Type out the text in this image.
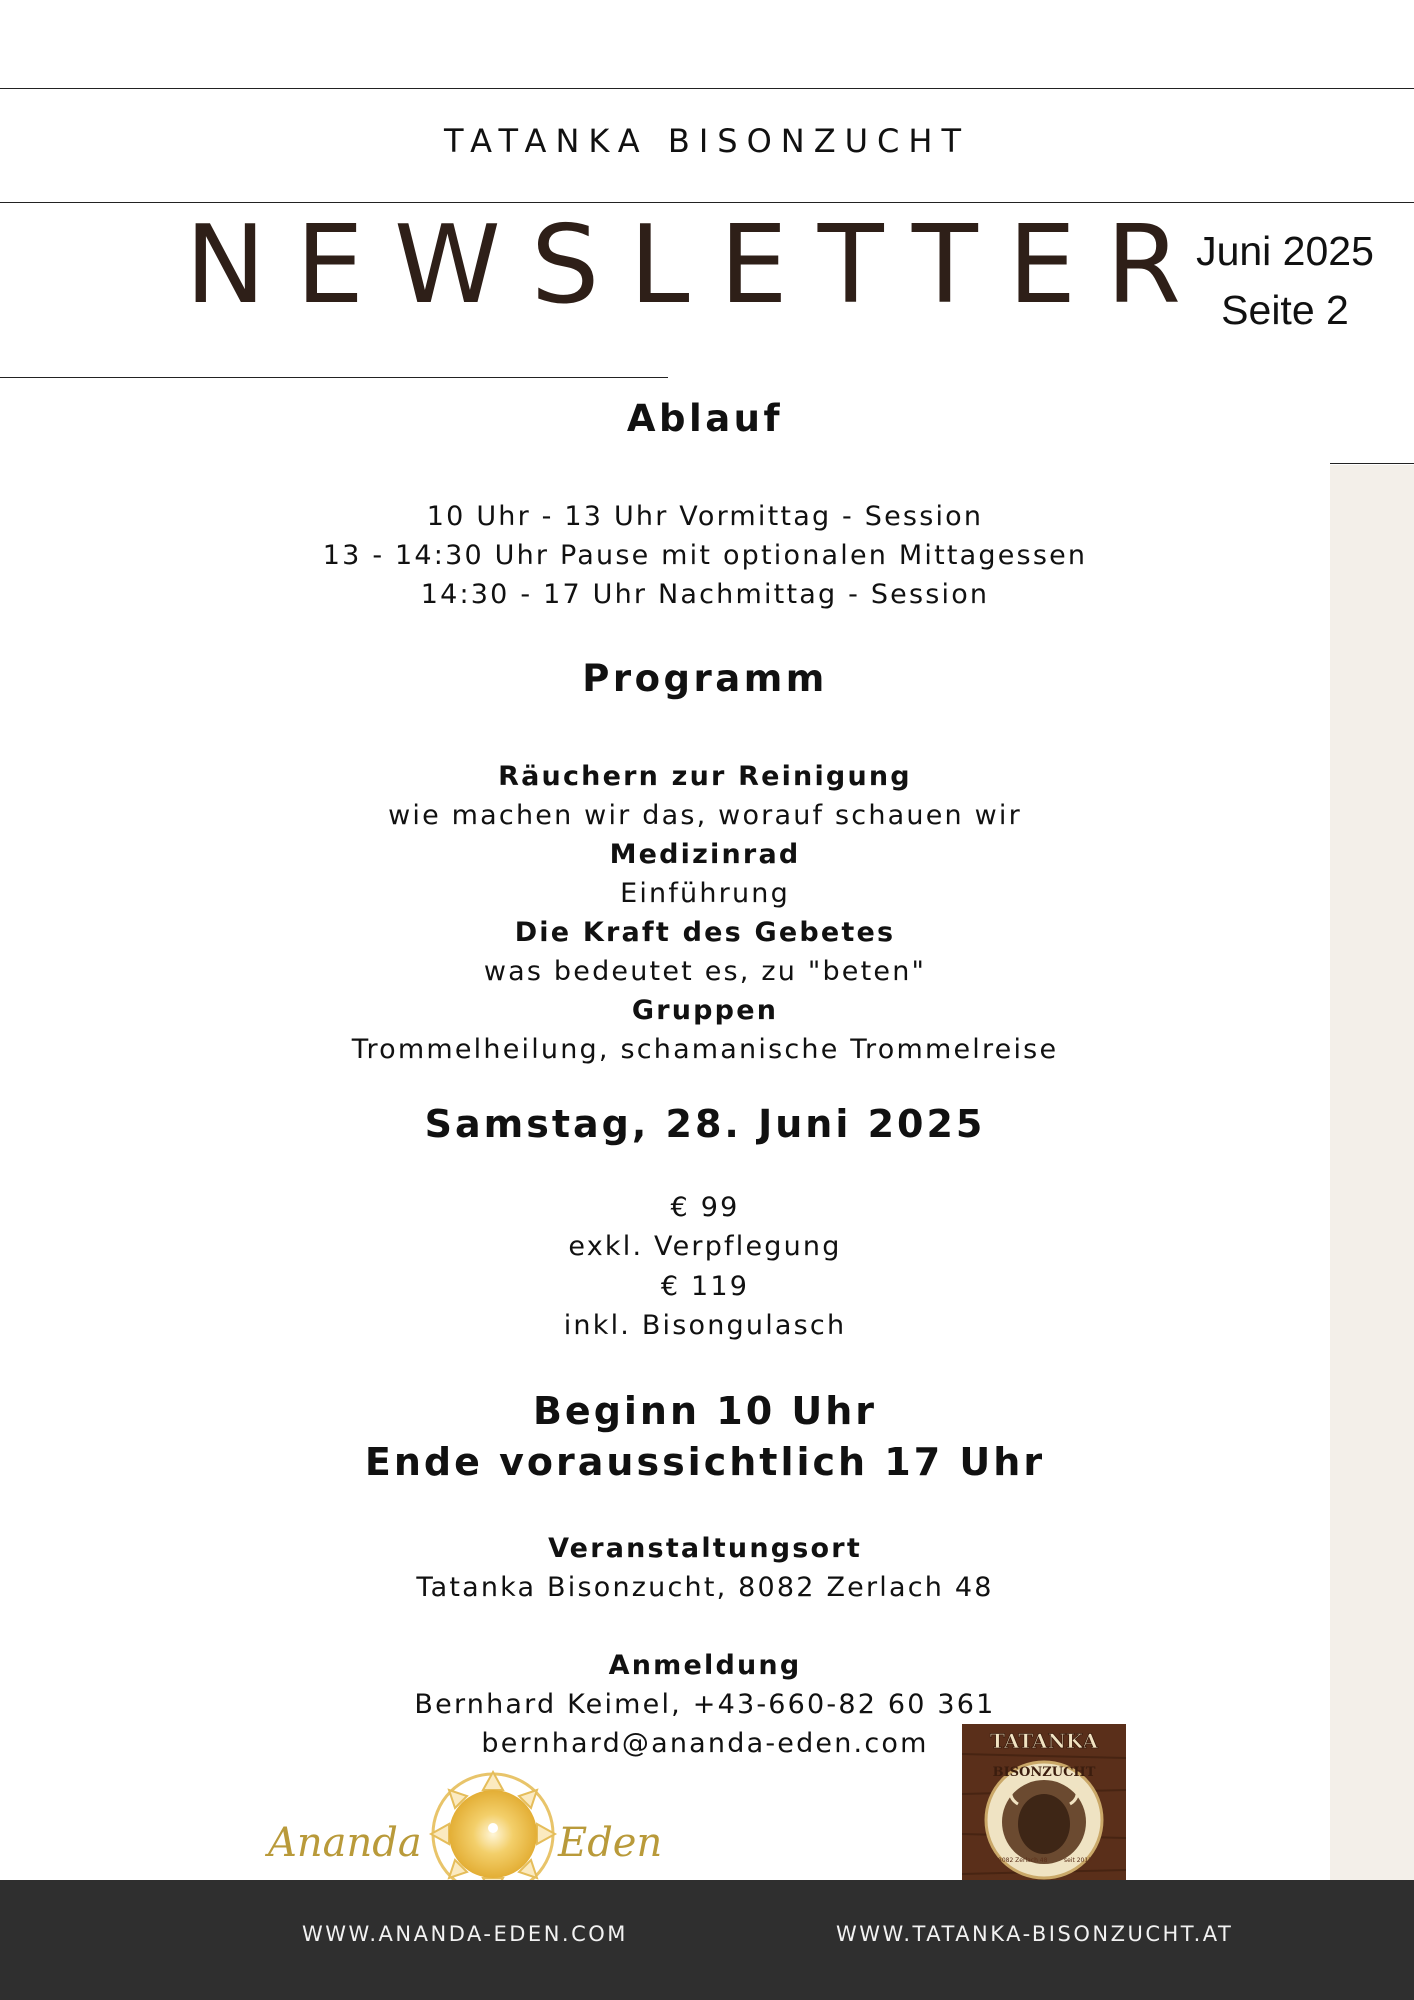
TATANKA BISONZUCHT
NEWSLETTER
Juni 2025
Seite 2
Ablauf
10 Uhr - 13 Uhr Vormittag - Session
13 - 14:30 Uhr Pause mit optionalen Mittagessen
14:30 - 17 Uhr Nachmittag - Session
Programm
Räuchern zur Reinigung
wie machen wir das, worauf schauen wir
Medizinrad
Einführung
Die Kraft des Gebetes
was bedeutet es, zu "beten"
Gruppen
Trommelheilung, schamanische Trommelreise
Samstag, 28. Juni 2025
€ 99
exkl. Verpflegung
€ 119
inkl. Bisongulasch
Beginn 10 Uhr
Ende voraussichtlich 17 Uhr
Veranstaltungsort
Tatanka Bisonzucht, 8082 Zerlach 48
Anmeldung
Bernhard Keimel, +43-660-82 60 361
bernhard@ananda-eden.com
Ananda	Eden
TATANKA
BISONZUCHT
8082 Zerlach 48	seit 2013
WWW.ANANDA-EDEN.COM	WWW.TATANKA-BISONZUCHT.AT
